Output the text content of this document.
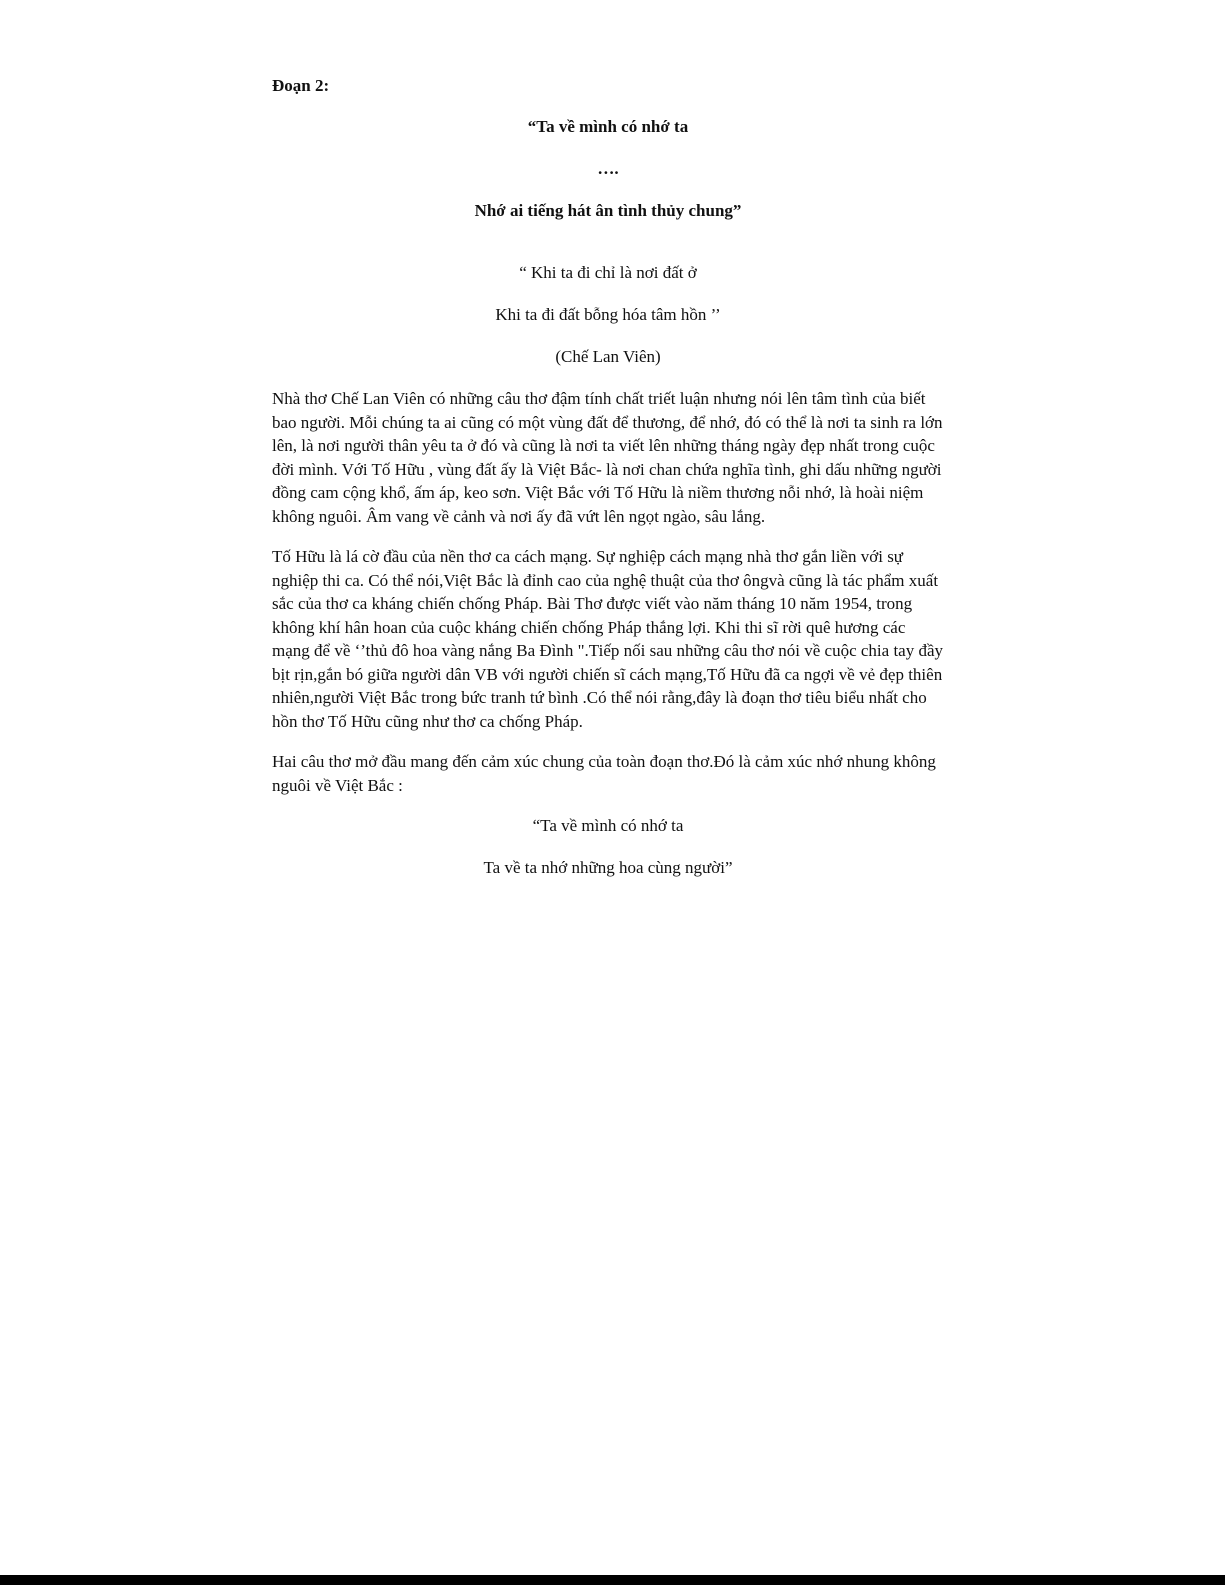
Đoạn 2:
“Ta về mình có nhớ ta
….
Nhớ ai tiếng hát ân tình thủy chung”
“ Khi ta đi chỉ là nơi đất ở
Khi ta đi đất bỗng hóa tâm hồn ’’
(Chế Lan Viên)

Nhà thơ Chế Lan Viên có những câu thơ đậm tính chất triết luận nhưng nói lên tâm tình của biết bao người. Mỗi chúng ta ai cũng có một vùng đất để thương, để nhớ, đó có thể là nơi ta sinh ra lớn lên, là nơi người thân yêu ta ở đó và cũng là nơi ta viết lên những tháng ngày đẹp nhất trong cuộc đời mình. Với Tố Hữu , vùng đất ấy là Việt Bắc- là nơi chan chứa nghĩa tình, ghi dấu những người đồng cam cộng khổ, ấm áp, keo sơn. Việt Bắc với Tố Hữu là niềm thương nỗi nhớ, là hoài niệm không nguôi. Âm vang về cảnh và nơi ấy đã vứt lên ngọt ngào, sâu lắng.

Tố Hữu là lá cờ đầu của nền thơ ca cách mạng. Sự nghiệp cách mạng nhà thơ gắn liền với sự nghiệp thi ca. Có thể nói,Việt Bắc là đỉnh cao của nghệ thuật của thơ ôngvà cũng là tác phẩm xuất sắc của thơ ca kháng chiến chống Pháp. Bài Thơ được viết vào năm tháng 10 năm 1954, trong không khí hân hoan của cuộc kháng chiến chống Pháp thắng lợi. Khi thi sĩ rời quê hương các mạng để về ‘’thủ đô hoa vàng nắng Ba Đình ".Tiếp nối sau những câu thơ nói về cuộc chia tay đầy bịt rịn,gắn bó giữa người dân VB với người chiến sĩ cách mạng,Tố Hữu đã ca ngợi về vẻ đẹp thiên nhiên,người Việt Bắc trong bức tranh tứ bình .Có thể nói rằng,đây là đoạn thơ tiêu biểu nhất cho hồn thơ Tố Hữu cũng như thơ ca chống Pháp.

Hai câu thơ mở đầu mang đến cảm xúc chung của toàn đoạn thơ.Đó là cảm xúc nhớ nhung không nguôi về Việt Bắc :

“Ta về mình có nhớ ta
Ta về ta nhớ những hoa cùng người”
